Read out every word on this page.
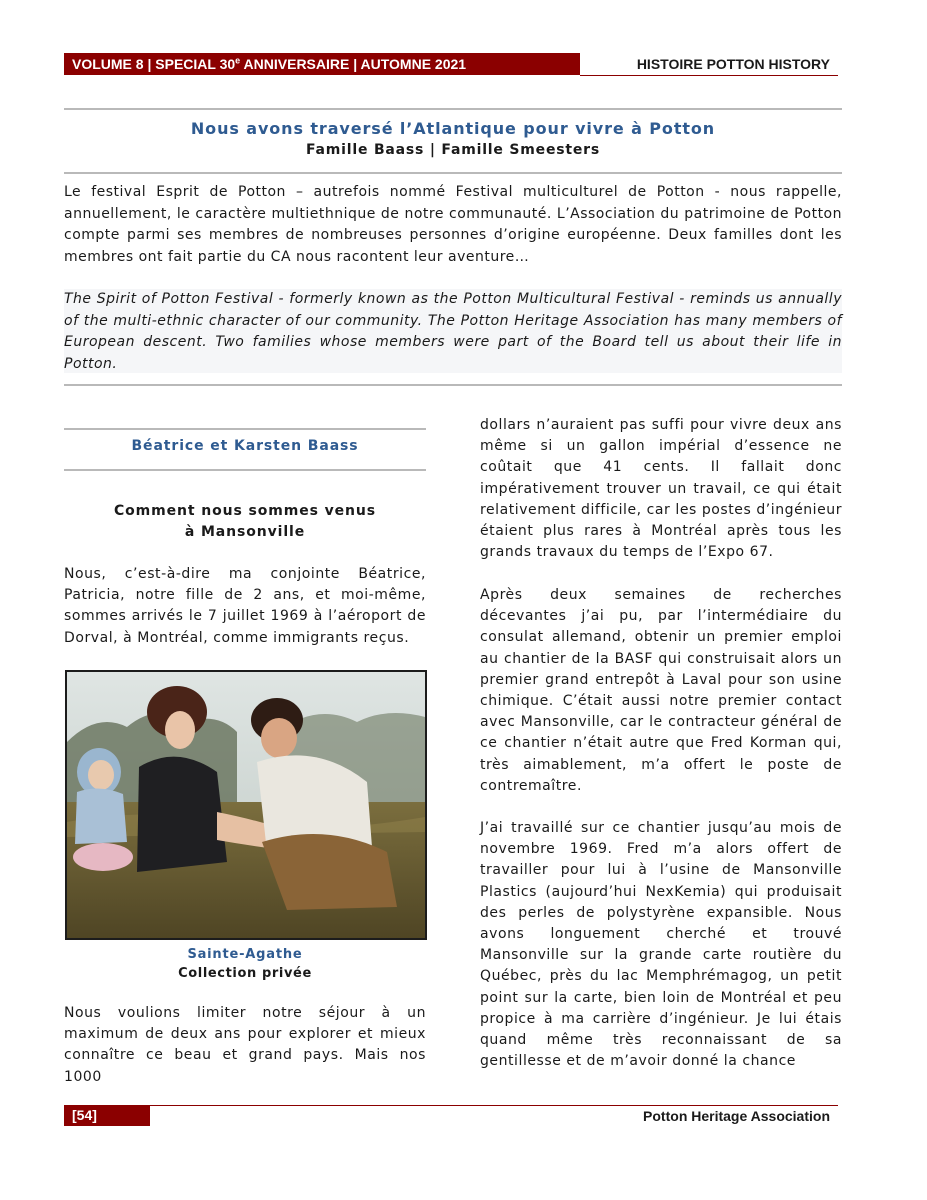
VOLUME 8 | SPECIAL 30e ANNIVERSAIRE | AUTOMNE 2021	HISTOIRE POTTON HISTORY
Nous avons traversé l’Atlantique pour vivre à Potton
Famille Baass | Famille Smeesters

Le festival Esprit de Potton – autrefois nommé Festival multiculturel de Potton - nous rappelle, annuellement, le caractère multiethnique de notre communauté. L’Association du patrimoine de Potton compte parmi ses membres de nombreuses personnes d’origine européenne. Deux familles dont les membres ont fait partie du CA nous racontent leur aventure…

The Spirit of Potton Festival - formerly known as the Potton Multicultural Festival - reminds us annually of the multi-ethnic character of our community. The Potton Heritage Association has many members of European descent. Two families whose members were part of the Board tell us about their life in Potton.

Béatrice et Karsten Baass
Comment nous sommes venus
à Mansonville

Nous, c’est-à-dire ma conjointe Béatrice, Patricia, notre fille de 2 ans, et moi-même, sommes arrivés le 7 juillet 1969 à l’aéroport de Dorval, à Montréal, comme immigrants reçus.

Sainte-Agathe
Collection privée

Nous voulions limiter notre séjour à un maximum de deux ans pour explorer et mieux connaître ce beau et grand pays. Mais nos 1000

dollars n’auraient pas suffi pour vivre deux ans même si un gallon impérial d’essence ne coûtait que 41 cents. Il fallait donc impérativement trouver un travail, ce qui était relativement difficile, car les postes d’ingénieur étaient plus rares à Montréal après tous les grands travaux du temps de l’Expo 67.

Après deux semaines de recherches décevantes j’ai pu, par l’intermédiaire du consulat allemand, obtenir un premier emploi au chantier de la BASF qui construisait alors un premier grand entrepôt à Laval pour son usine chimique. C’était aussi notre premier contact avec Mansonville, car le contracteur général de ce chantier n’était autre que Fred Korman qui, très aimablement, m’a offert le poste de contremaître.

J’ai travaillé sur ce chantier jusqu’au mois de novembre 1969. Fred m’a alors offert de travailler pour lui à l’usine de Mansonville Plastics (aujourd’hui NexKemia) qui produisait des perles de polystyrène expansible. Nous avons longuement cherché et trouvé Mansonville sur la grande carte routière du Québec, près du lac Memphrémagog, un petit point sur la carte, bien loin de Montréal et peu propice à ma carrière d’ingénieur. Je lui étais quand même très reconnaissant de sa gentillesse et de m’avoir donné la chance

[54]	Potton Heritage Association
